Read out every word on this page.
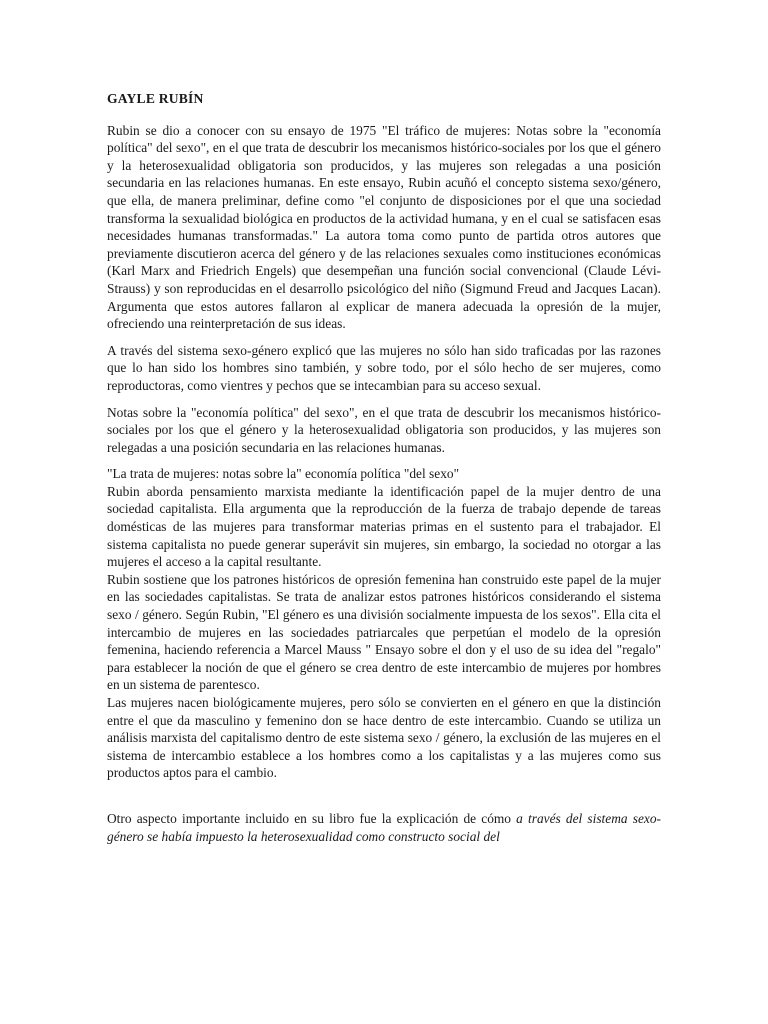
GAYLE RUBÍN

Rubin se dio a conocer con su ensayo de 1975 "El tráfico de mujeres: Notas sobre la "economía política" del sexo", en el que trata de descubrir los mecanismos histórico-sociales por los que el género y la heterosexualidad obligatoria son producidos, y las mujeres son relegadas a una posición secundaria en las relaciones humanas. En este ensayo, Rubin acuñó el concepto sistema sexo/género, que ella, de manera preliminar, define como "el conjunto de disposiciones por el que una sociedad transforma la sexualidad biológica en productos de la actividad humana, y en el cual se satisfacen esas necesidades humanas transformadas." La autora toma como punto de partida otros autores que previamente discutieron acerca del género y de las relaciones sexuales como instituciones económicas (Karl Marx and Friedrich Engels) que desempeñan una función social convencional (Claude Lévi-Strauss) y son reproducidas en el desarrollo psicológico del niño (Sigmund Freud and Jacques Lacan). Argumenta que estos autores fallaron al explicar de manera adecuada la opresión de la mujer, ofreciendo una reinterpretación de sus ideas.

A través del sistema sexo-género explicó que las mujeres no sólo han sido traficadas por las razones que lo han sido los hombres sino también, y sobre todo, por el sólo hecho de ser mujeres, como reproductoras, como vientres y pechos que se intecambian para su acceso sexual.

Notas sobre la "economía política" del sexo", en el que trata de descubrir los mecanismos histórico-sociales por los que el género y la heterosexualidad obligatoria son producidos, y las mujeres son relegadas a una posición secundaria en las relaciones humanas.

"La trata de mujeres: notas sobre la" economía política "del sexo"

Rubin aborda pensamiento marxista mediante la identificación papel de la mujer dentro de una sociedad capitalista. Ella argumenta que la reproducción de la fuerza de trabajo depende de tareas domésticas de las mujeres para transformar materias primas en el sustento para el trabajador. El sistema capitalista no puede generar superávit sin mujeres, sin embargo, la sociedad no otorgar a las mujeres el acceso a la capital resultante.

Rubin sostiene que los patrones históricos de opresión femenina han construido este papel de la mujer en las sociedades capitalistas. Se trata de analizar estos patrones históricos considerando el sistema sexo / género. Según Rubin, "El género es una división socialmente impuesta de los sexos". Ella cita el intercambio de mujeres en las sociedades patriarcales que perpetúan el modelo de la opresión femenina, haciendo referencia a Marcel Mauss " Ensayo sobre el don y el uso de su idea del "regalo" para establecer la noción de que el género se crea dentro de este intercambio de mujeres por hombres en un sistema de parentesco.

Las mujeres nacen biológicamente mujeres, pero sólo se convierten en el género en que la distinción entre el que da masculino y femenino don se hace dentro de este intercambio. Cuando se utiliza un análisis marxista del capitalismo dentro de este sistema sexo / género, la exclusión de las mujeres en el sistema de intercambio establece a los hombres como a los capitalistas y a las mujeres como sus productos aptos para el cambio.

Otro aspecto importante incluido en su libro fue la explicación de cómo a través del sistema sexo-género se había impuesto la heterosexualidad como constructo social del
